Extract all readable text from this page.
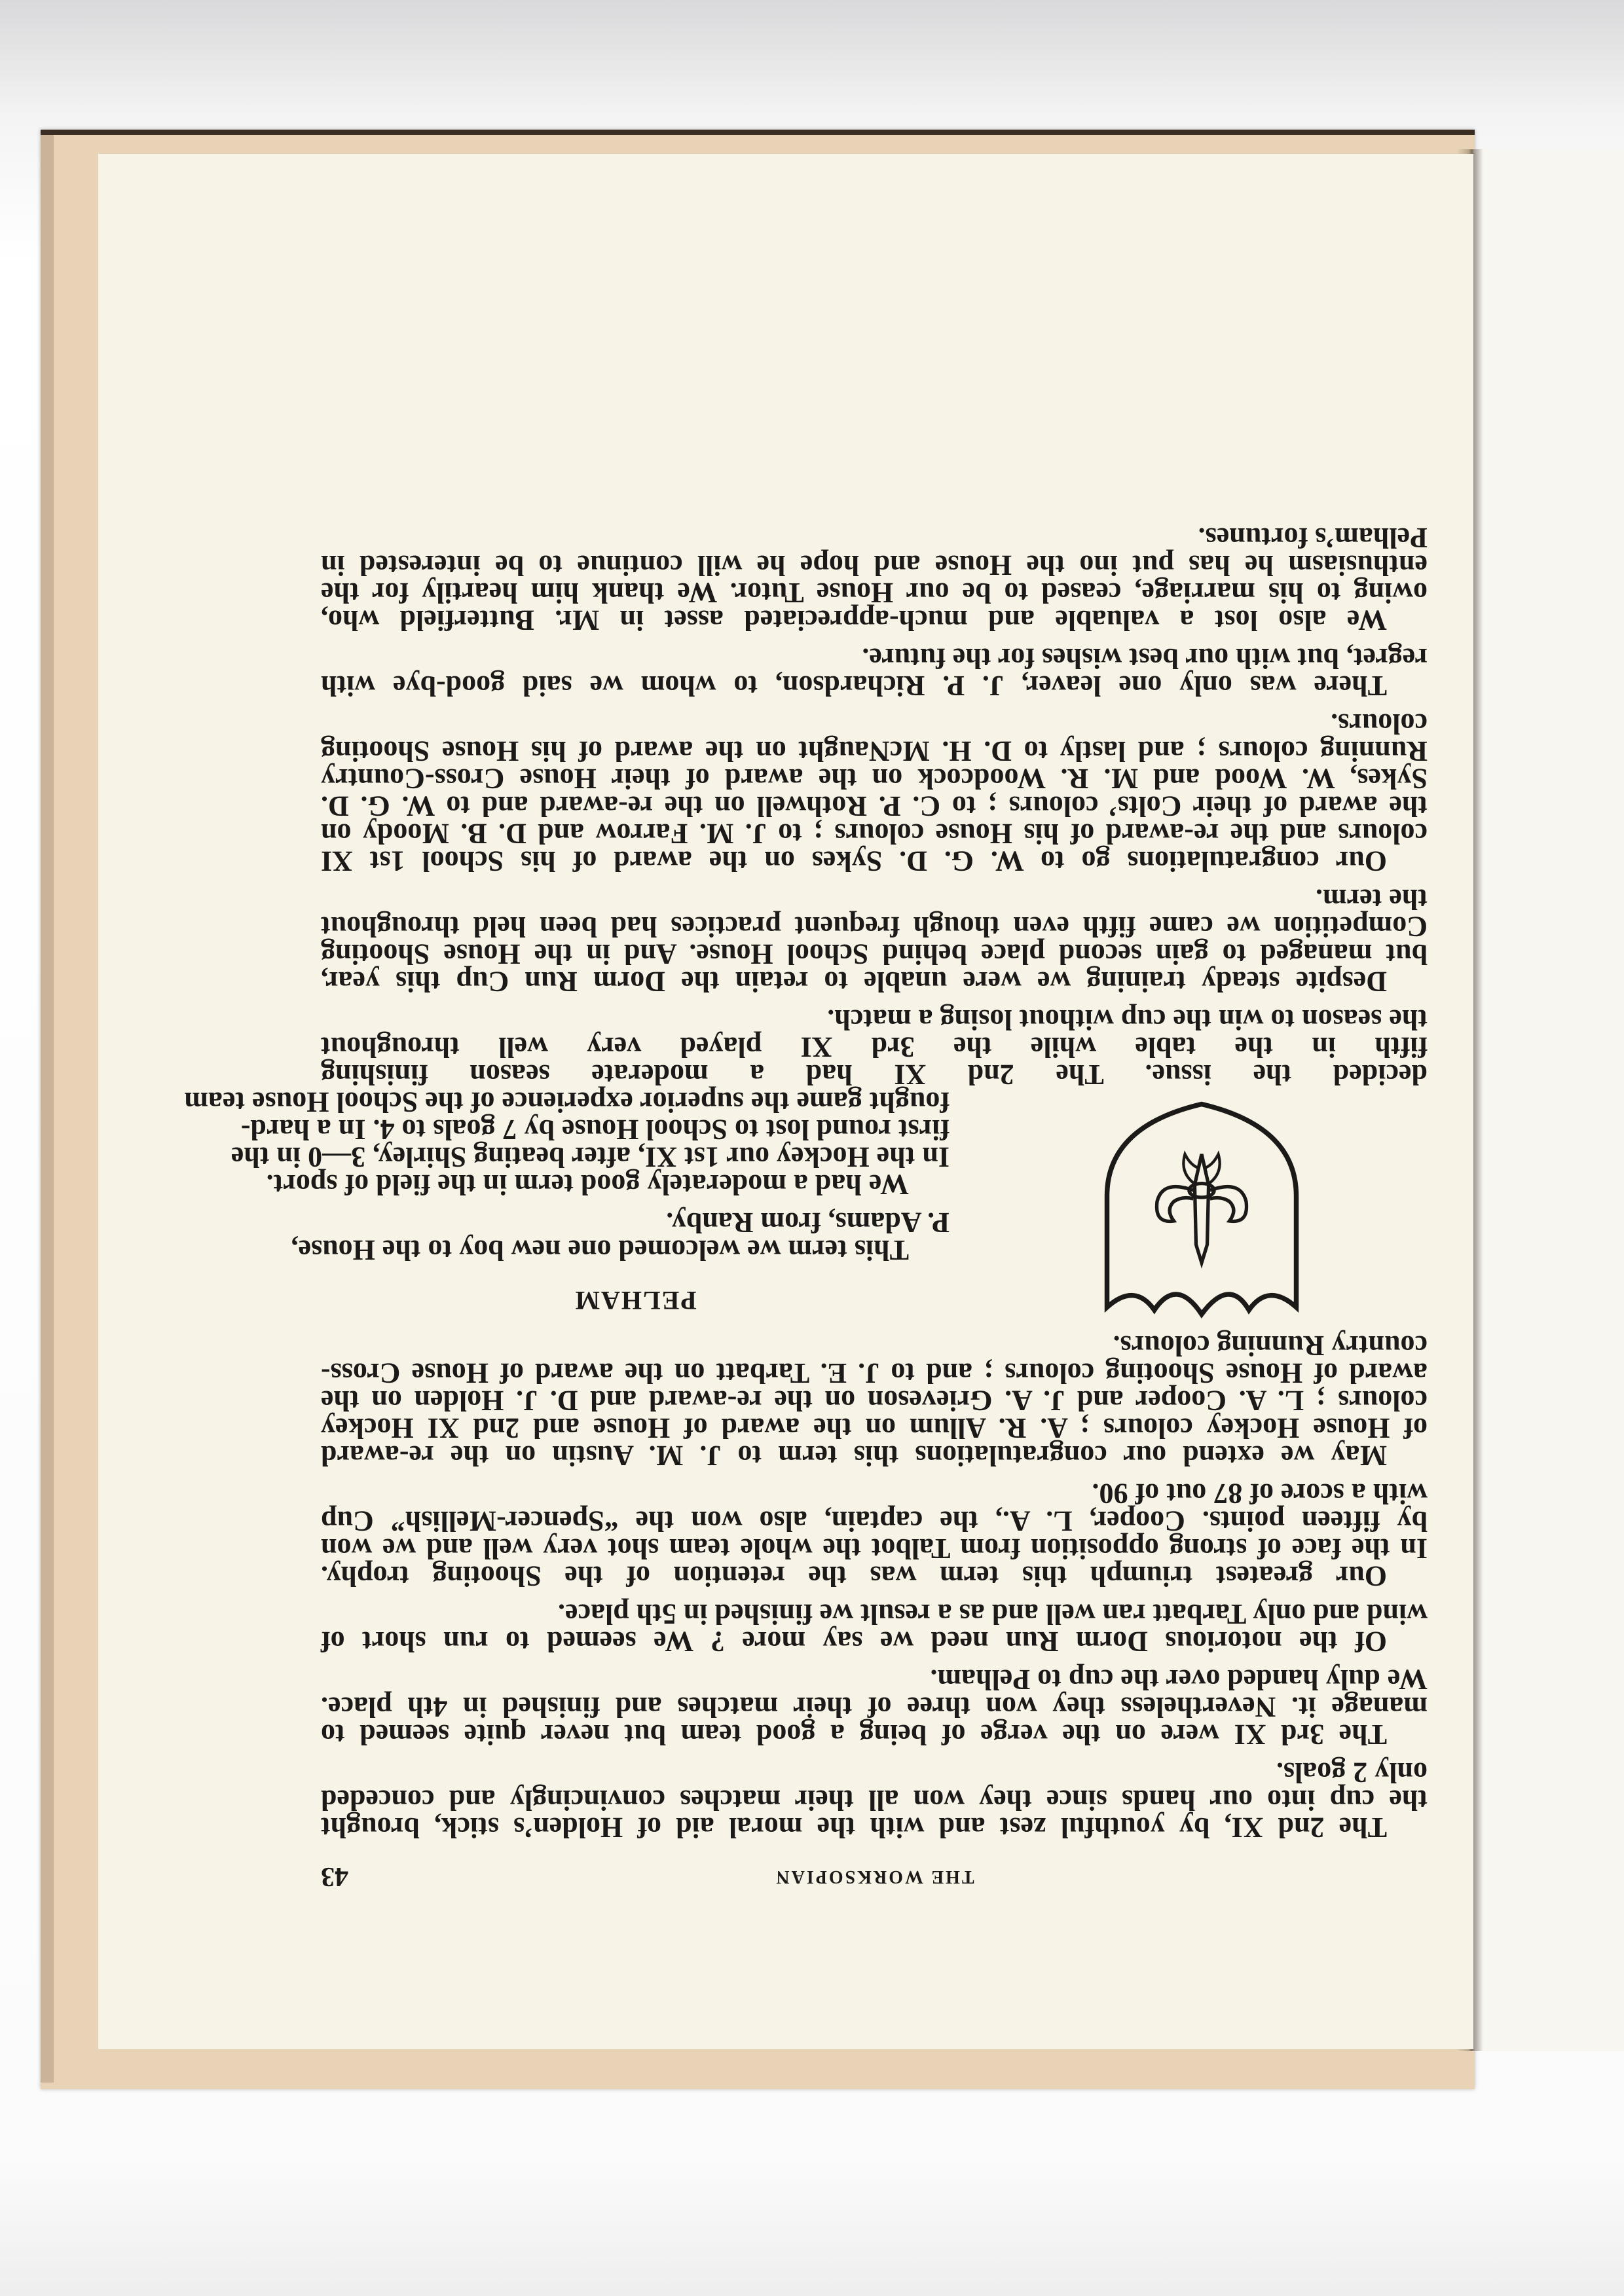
THE WORKSOPIAN
43
The 2nd XI, by youthful zest and with the moral aid of Holden’s stick, brought
the cup into our hands since they won all their matches convincingly and conceded
only 2 goals.
The 3rd XI were on the verge of being a good team but never quite seemed to
manage it. Nevertheless they won three of their matches and finished in 4th place.
We duly handed over the cup to Pelham.
Of the notorious Dorm Run need we say more ? We seemed to run short of
wind and only Tarbatt ran well and as a result we finished in 5th place.
Our greatest triumph this term was the retention of the Shooting trophy.
In the face of strong opposition from Talbot the whole team shot very well and we won
by fifteen points. Cooper, L. A., the captain, also won the “Spencer-Mellish” Cup
with a score of 87 out of 90.
May we extend our congratulations this term to J. M. Austin on the re-award
of House Hockey colours ; A. R. Allum on the award of House and 2nd XI Hockey
colours ; L. A. Cooper and J. A. Grieveson on the re-award and D. J. Holden on the
award of House Shooting colours ; and to J. E. Tarbatt on the award of House Cross-
country Running colours.
PELHAM
This term we welcomed one new boy to the House,
P. Adams, from Ranby.
We had a moderately good term in the field of sport.
In the Hockey our 1st XI, after beating Shirley, 3—0 in the
first round lost to School House by 7 goals to 4. In a hard-
fought game the superior experience of the School House team
decided the issue. The 2nd XI had a moderate season finishing
fifth in the table while the 3rd XI played very well throughout
the season to win the cup without losing a match.
Despite steady training we were unable to retain the Dorm Run Cup this year,
but managed to gain second place behind School House. And in the House Shooting
Competition we came fifth even though frequent practices had been held throughout
the term.
Our congratulations go to W. G. D. Sykes on the award of his School 1st XI
colours and the re-award of his House colours ; to J. M. Farrow and D. B. Moody on
the award of their Colts’ colours ; to C. P. Rothwell on the re-award and to W. G. D.
Sykes, W. Wood and M. R. Woodcock on the award of their House Cross-Country
Running colours ; and lastly to D. H. McNaught on the award of his House Shooting
colours.
There was only one leaver, J. P. Richardson, to whom we said good-bye with
regret, but with our best wishes for the future.
We also lost a valuable and much-appreciated asset in Mr. Butterfield who,
owing to his marriage, ceased to be our House Tutor. We thank him heartily for the
enthusiasm he has put ino the House and hope he will continue to be interested in
Pelham’s fortunes.
